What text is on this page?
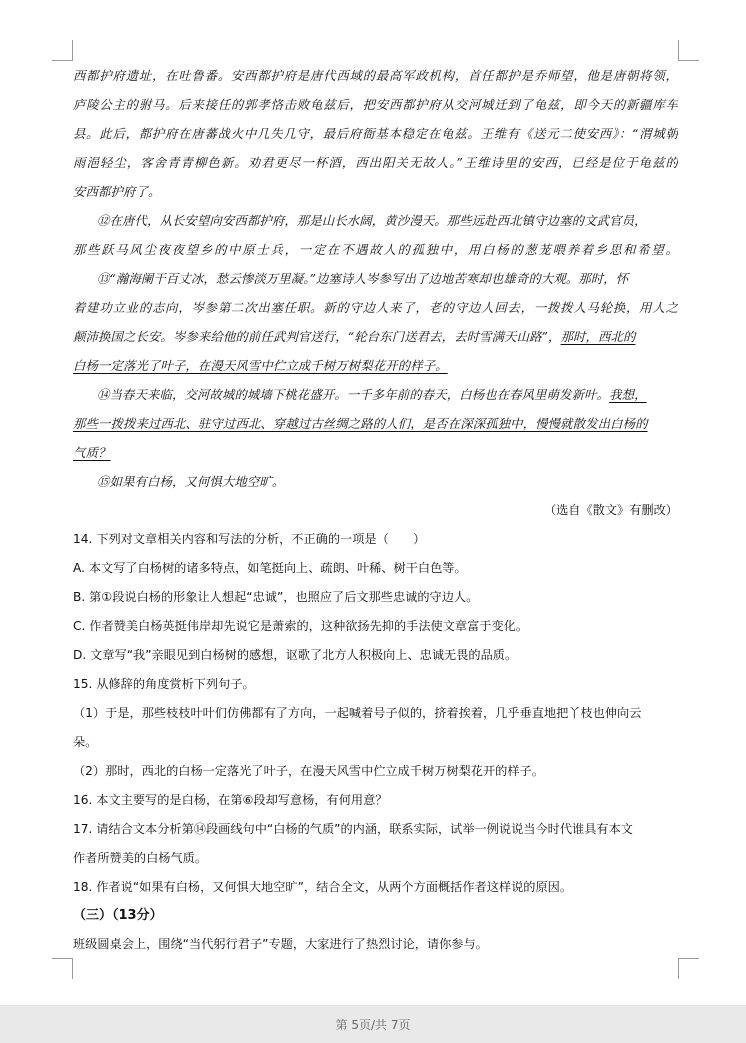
西都护府遗址，在吐鲁番。安西都护府是唐代西域的最高军政机构，首任都护是乔师望，他是唐朝将领，
庐陵公主的驸马。后来接任的郭孝恪击败龟兹后，把安西都护府从交河城迁到了龟兹，即今天的新疆库车
县。此后，都护府在唐蕃战火中几失几守，最后府衙基本稳定在龟兹。王维有《送元二使安西》：“渭城朝
雨浥轻尘，客舍青青柳色新。劝君更尽一杯酒，西出阳关无故人。”王维诗里的安西，已经是位于龟兹的
安西都护府了。
⑫在唐代，从长安望向安西都护府，那是山长水阔，黄沙漫天。那些远赴西北镇守边塞的文武官员，
那些跃马风尘夜夜望乡的中原士兵，一定在不遇故人的孤独中，用白杨的葱茏喂养着乡思和希望。
⑬“瀚海阑干百丈冰，愁云惨淡万里凝。”边塞诗人岑参写出了边地苦寒却也雄奇的大观。那时，怀
着建功立业的志向，岑参第二次出塞任职。新的守边人来了，老的守边人回去，一拨拨人马轮换，用人之
颠沛换国之长安。岑参来给他的前任武判官送行，“轮台东门送君去，去时雪满天山路”，那时，西北的
白杨一定落光了叶子，在漫天风雪中伫立成千树万树梨花开的样子。
⑭当春天来临，交河故城的城墙下桃花盛开。一千多年前的春天，白杨也在春风里萌发新叶。我想，
那些一拨拨来过西北、驻守过西北、穿越过古丝绸之路的人们，是否在深深孤独中，慢慢就散发出白杨的
气质？
⑮如果有白杨，又何惧大地空旷。
（选自《散文》有删改）
14. 下列对文章相关内容和写法的分析，不正确的一项是（　　）
A. 本文写了白杨树的诸多特点，如笔挺向上、疏朗、叶稀、树干白色等。
B. 第①段说白杨的形象让人想起“忠诚”，也照应了后文那些忠诚的守边人。
C. 作者赞美白杨英挺伟岸却先说它是萧索的，这种欲扬先抑的手法使文章富于变化。
D. 文章写“我”亲眼见到白杨树的感想，讴歌了北方人积极向上、忠诚无畏的品质。
15. 从修辞的角度赏析下列句子。
（1）于是，那些枝枝叶叶们仿佛都有了方向，一起喊着号子似的，挤着挨着，几乎垂直地把丫枝也伸向云
朵。
（2）那时，西北的白杨一定落光了叶子，在漫天风雪中伫立成千树万树梨花开的样子。
16. 本文主要写的是白杨，在第⑥段却写意杨，有何用意？
17. 请结合文本分析第⑭段画线句中“白杨的气质”的内涵，联系实际，试举一例说说当今时代谁具有本文
作者所赞美的白杨气质。
18. 作者说“如果有白杨，又何惧大地空旷”，结合全文，从两个方面概括作者这样说的原因。
（三）（13分）
班级圆桌会上，围绕“当代躬行君子”专题，大家进行了热烈讨论，请你参与。
第 5页/共 7页
